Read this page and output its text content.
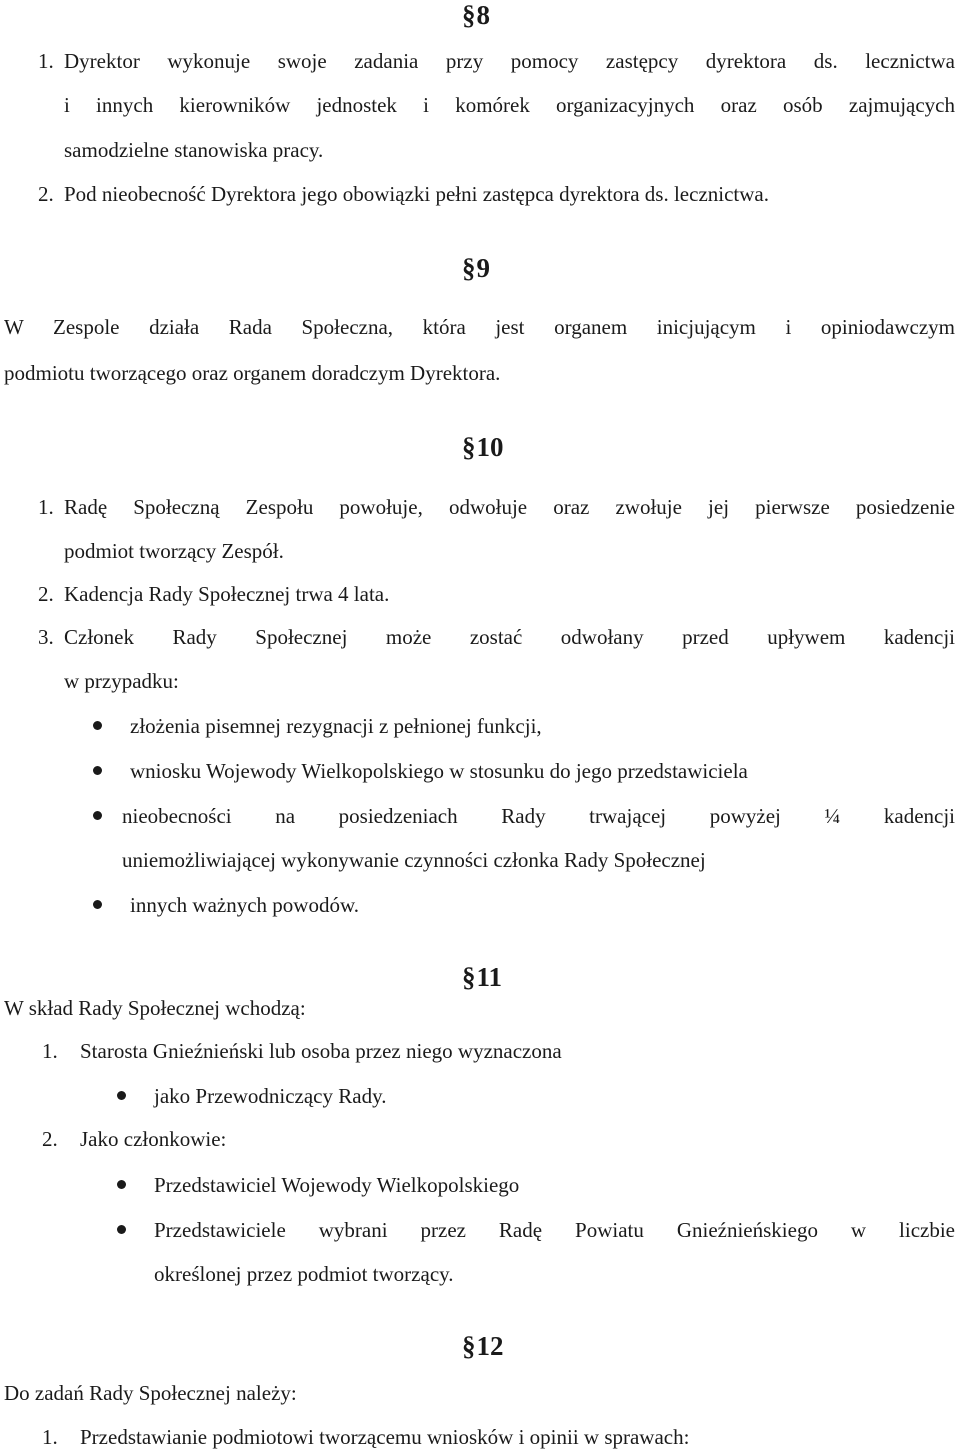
§8
1. Dyrektor wykonuje swoje zadania przy pomocy zastępcy dyrektora ds. lecznictwa
i innych kierowników jednostek i komórek organizacyjnych oraz osób zajmujących
samodzielne stanowiska pracy.
2. Pod nieobecność Dyrektora jego obowiązki pełni zastępca dyrektora ds. lecznictwa.
§9
W Zespole działa Rada Społeczna, która jest organem inicjującym i opiniodawczym
podmiotu tworzącego oraz organem doradczym Dyrektora.
§10
1. Radę Społeczną Zespołu powołuje, odwołuje oraz zwołuje jej pierwsze posiedzenie
podmiot tworzący Zespół.
2. Kadencja Rady Społecznej trwa 4 lata.
3. Członek Rady Społecznej może zostać odwołany przed upływem kadencji
w przypadku:
złożenia pisemnej rezygnacji z pełnionej funkcji,
wniosku Wojewody Wielkopolskiego w stosunku do jego przedstawiciela
nieobecności na posiedzeniach Rady trwającej powyżej ¼ kadencji
uniemożliwiającej wykonywanie czynności członka Rady Społecznej
innych ważnych powodów.
§11
W skład Rady Społecznej wchodzą:
1. Starosta Gnieźnieński lub osoba przez niego wyznaczona
jako Przewodniczący Rady.
2. Jako członkowie:
Przedstawiciel Wojewody Wielkopolskiego
Przedstawiciele wybrani przez Radę Powiatu Gnieźnieńskiego w liczbie
określonej przez podmiot tworzący.
§12
Do zadań Rady Społecznej należy:
1. Przedstawianie podmiotowi tworzącemu wniosków i opinii w sprawach:
